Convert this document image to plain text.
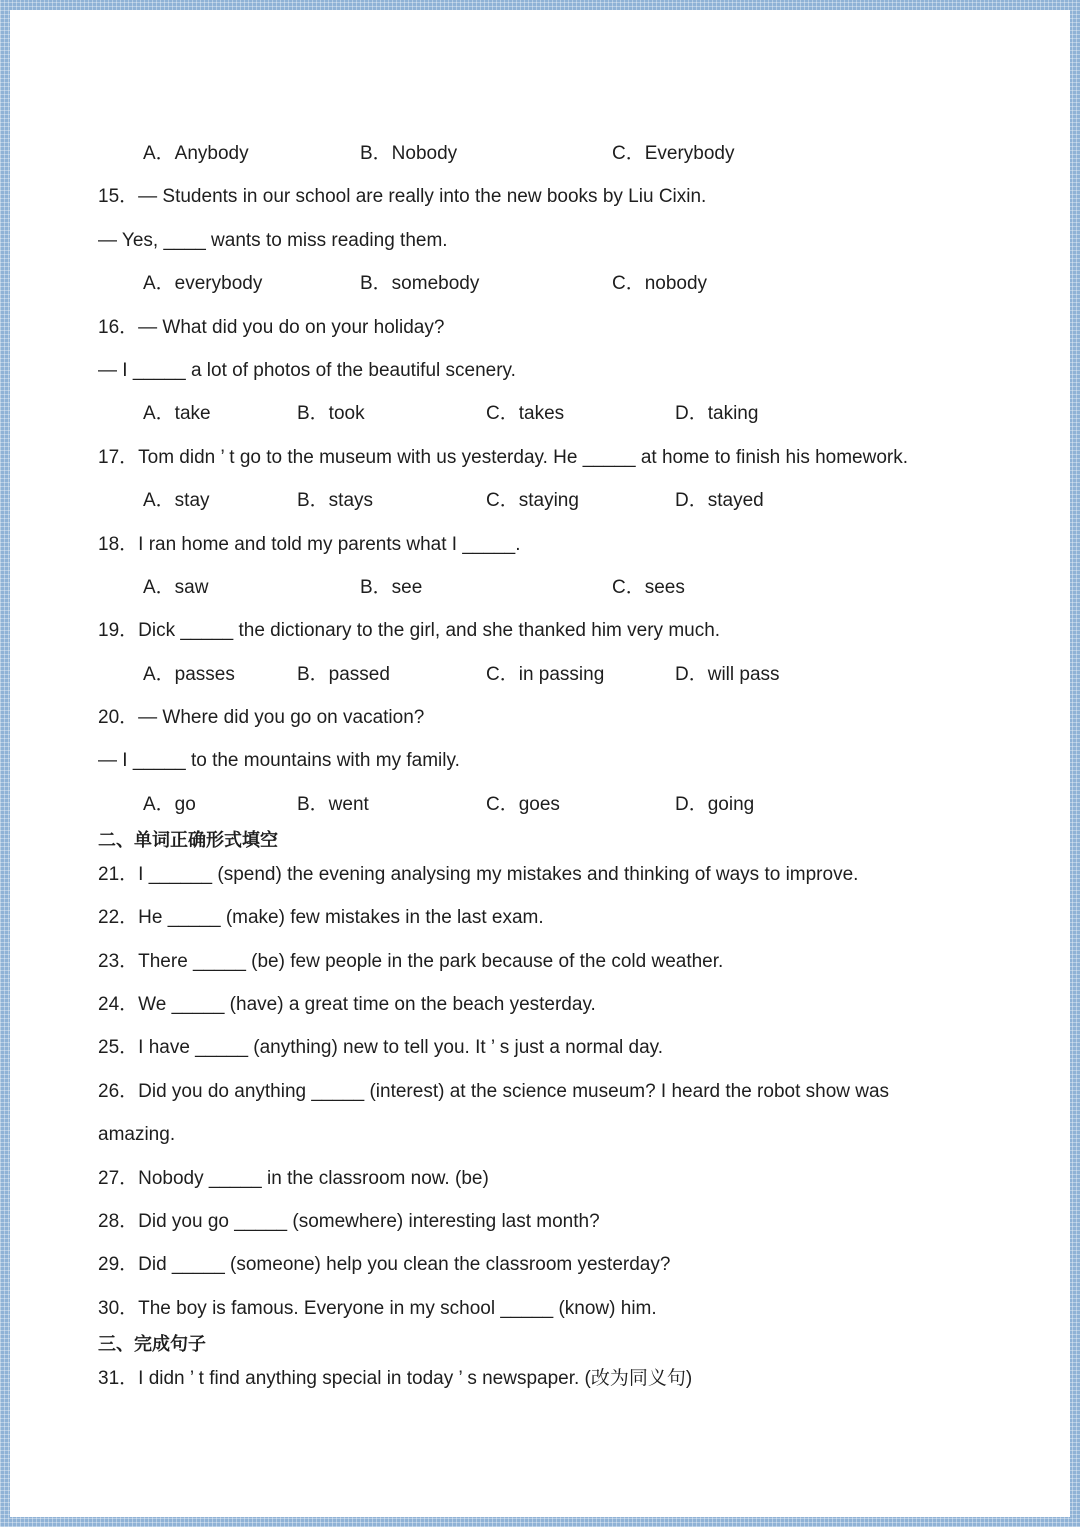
A．Anybody	B．Nobody	C．Everybody
15．— Students in our school are really into the new books by Liu Cixin.
— Yes, ____ wants to miss reading them.
A．everybody	B．somebody	C．nobody
16．— What did you do on your holiday?
— I _____ a lot of photos of the beautiful scenery.
A．take	B．took	C．takes	D．taking
17．Tom didn ’ t go to the museum with us yesterday. He _____ at home to finish his homework.
A．stay	B．stays	C．staying	D．stayed
18．I ran home and told my parents what I _____.
A．saw	B．see	C．sees
19．Dick _____ the dictionary to the girl, and she thanked him very much.
A．passes	B．passed	C．in passing	D．will pass
20．— Where did you go on vacation?
— I _____ to the mountains with my family.
A．go	B．went	C．goes	D．going
二、单词正确形式填空
21．I ______ (spend) the evening analysing my mistakes and thinking of ways to improve.
22．He _____ (make) few mistakes in the last exam.
23．There _____ (be) few people in the park because of the cold weather.
24．We _____ (have) a great time on the beach yesterday.
25．I have _____ (anything) new to tell you. It ’ s just a normal day.
26．Did you do anything _____ (interest) at the science museum? I heard the robot show was
amazing.
27．Nobody _____ in the classroom now. (be)
28．Did you go _____ (somewhere) interesting last month?
29．Did _____ (someone) help you clean the classroom yesterday?
30．The boy is famous. Everyone in my school _____ (know) him.
三、完成句子
31．I didn ’ t find anything special in today ’ s newspaper. (改为同义句)
